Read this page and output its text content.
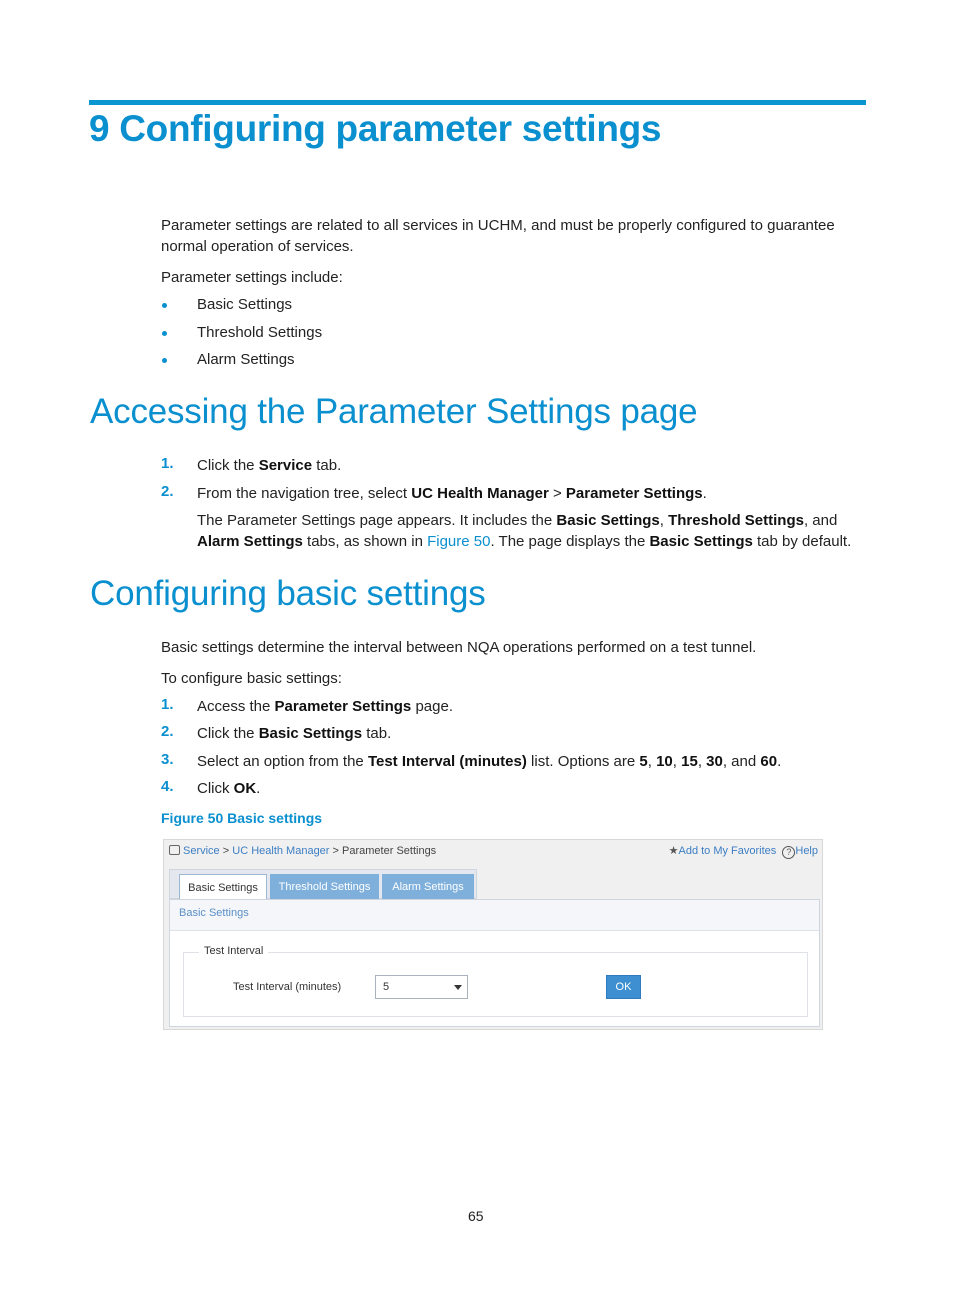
9 Configuring parameter settings
Parameter settings are related to all services in UCHM, and must be properly configured to guarantee normal operation of services.
Parameter settings include:
Basic Settings
Threshold Settings
Alarm Settings
Accessing the Parameter Settings page
1. Click the Service tab.
2. From the navigation tree, select UC Health Manager > Parameter Settings.
The Parameter Settings page appears. It includes the Basic Settings, Threshold Settings, and Alarm Settings tabs, as shown in Figure 50. The page displays the Basic Settings tab by default.
Configuring basic settings
Basic settings determine the interval between NQA operations performed on a test tunnel.
To configure basic settings:
1. Access the Parameter Settings page.
2. Click the Basic Settings tab.
3. Select an option from the Test Interval (minutes) list. Options are 5, 10, 15, 30, and 60.
4. Click OK.
Figure 50 Basic settings
Service > UC Health Manager > Parameter Settings	★Add to My Favorites ? Help
Basic Settings	Threshold Settings	Alarm Settings
Basic Settings
Test Interval
Test Interval (minutes)	5	OK
65
